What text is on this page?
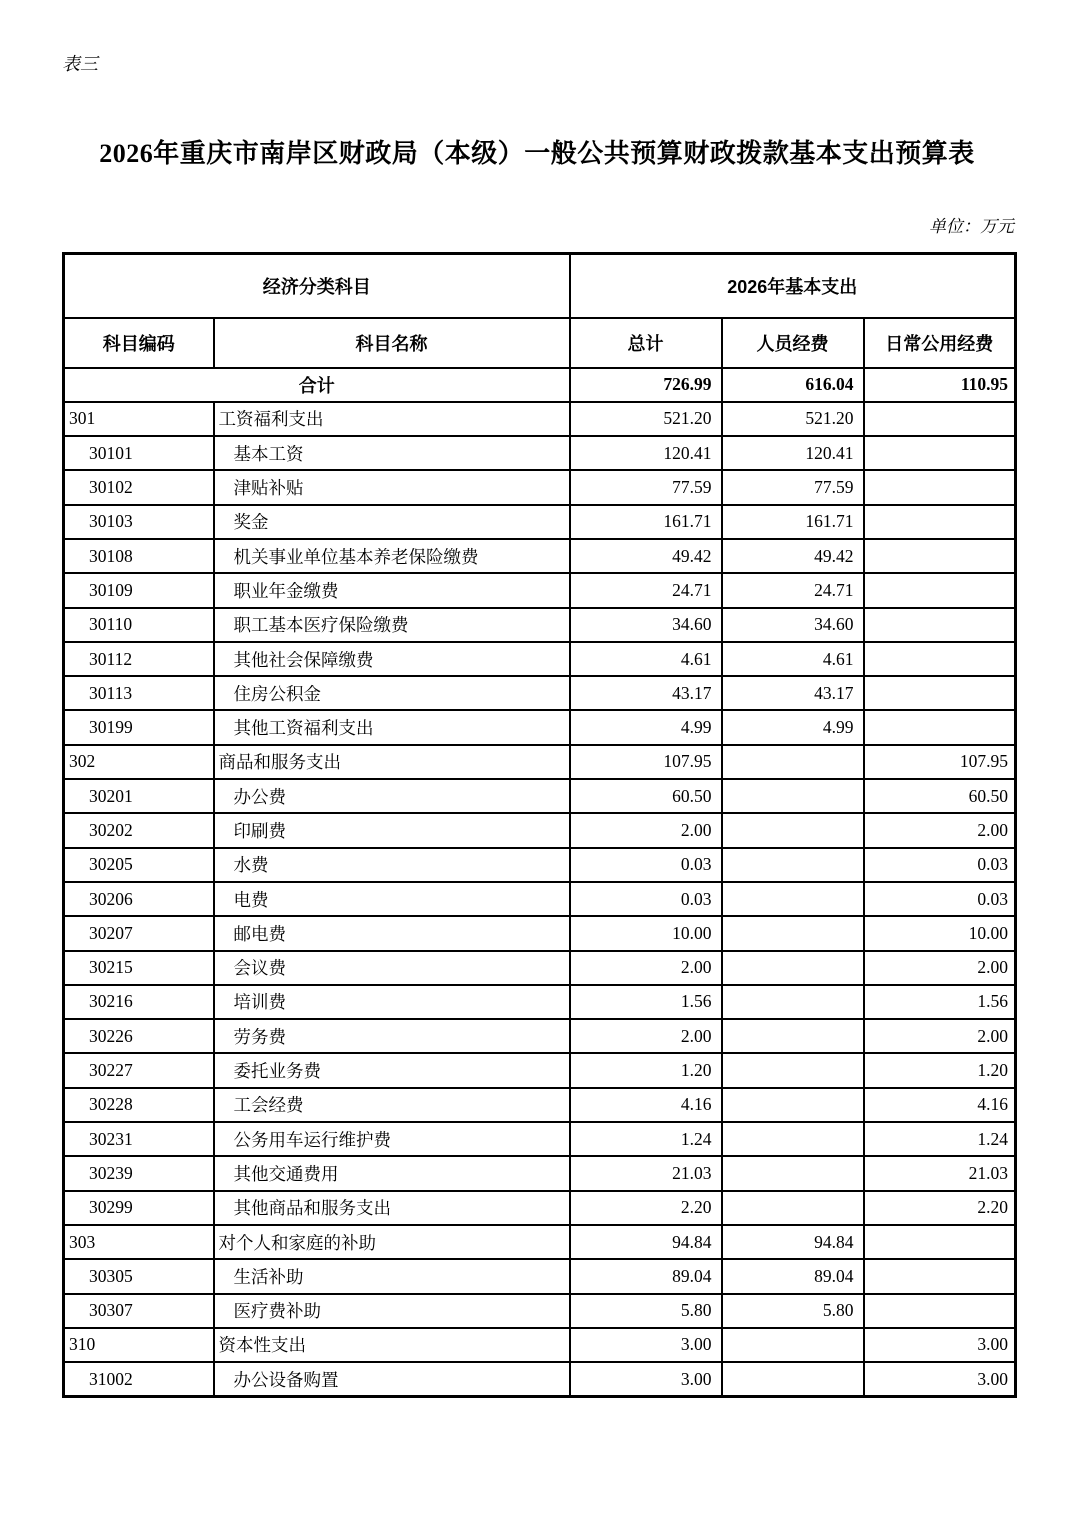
表三
2026年重庆市南岸区财政局（本级）一般公共预算财政拨款基本支出预算表
单位：万元
经济分类科目		2026年基本支出		
科目编码	科目名称	总计	人员经费	日常公用经费
合计		726.99	616.04	110.95
301	工资福利支出	521.20	521.20	
30101	基本工资	120.41	120.41	
30102	津贴补贴	77.59	77.59	
30103	奖金	161.71	161.71	
30108	机关事业单位基本养老保险缴费	49.42	49.42	
30109	职业年金缴费	24.71	24.71	
30110	职工基本医疗保险缴费	34.60	34.60	
30112	其他社会保障缴费	4.61	4.61	
30113	住房公积金	43.17	43.17	
30199	其他工资福利支出	4.99	4.99	
302	商品和服务支出	107.95		107.95
30201	办公费	60.50		60.50
30202	印刷费	2.00		2.00
30205	水费	0.03		0.03
30206	电费	0.03		0.03
30207	邮电费	10.00		10.00
30215	会议费	2.00		2.00
30216	培训费	1.56		1.56
30226	劳务费	2.00		2.00
30227	委托业务费	1.20		1.20
30228	工会经费	4.16		4.16
30231	公务用车运行维护费	1.24		1.24
30239	其他交通费用	21.03		21.03
30299	其他商品和服务支出	2.20		2.20
303	对个人和家庭的补助	94.84	94.84	
30305	生活补助	89.04	89.04	
30307	医疗费补助	5.80	5.80	
310	资本性支出	3.00		3.00
31002	办公设备购置	3.00		3.00
